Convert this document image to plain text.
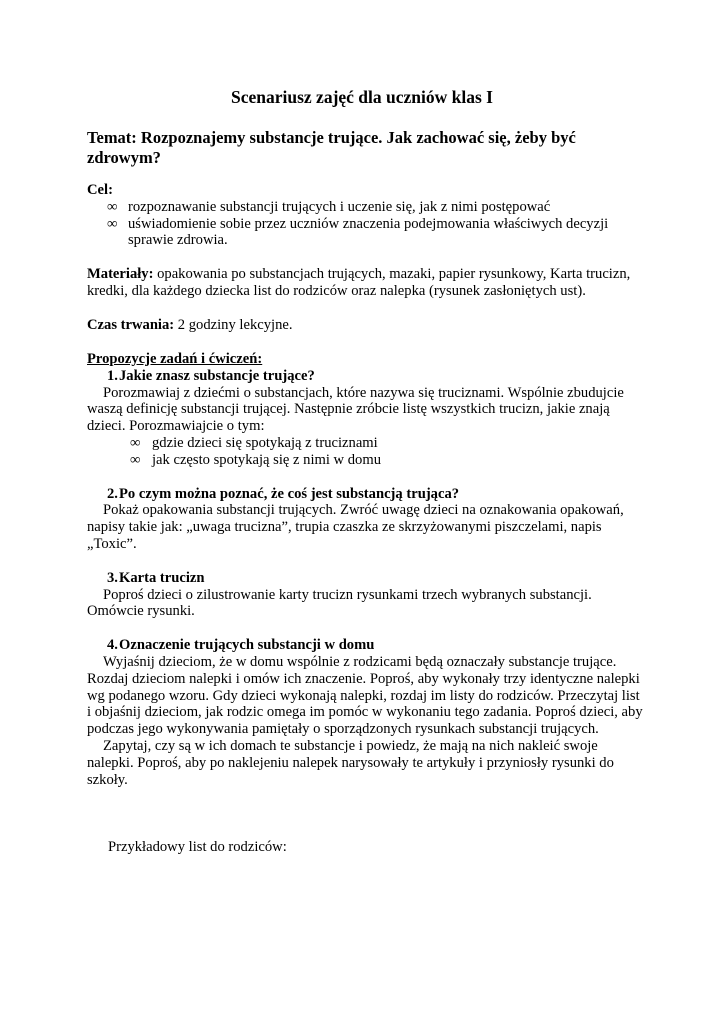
Scenariusz zajęć dla uczniów klas I
Temat: Rozpoznajemy substancje trujące. Jak zachować się, żeby być zdrowym?

Cel:

∞ rozpoznawanie substancji trujących i uczenie się, jak z nimi postępować
∞ uświadomienie sobie przez uczniów znaczenia podejmowania właściwych decyzji sprawie zdrowia.

Materiały: opakowania po substancjach trujących, mazaki, papier rysunkowy, Karta trucizn, kredki, dla każdego dziecka list do rodziców oraz nalepka (rysunek zasłoniętych ust).

Czas trwania: 2 godziny lekcyjne.

Propozycje zadań i ćwiczeń:

1. Jakie znasz substancje trujące?

Porozmawiaj z dziećmi o substancjach, które nazywa się truciznami. Wspólnie zbudujcie waszą definicję substancji trującej. Następnie zróbcie listę wszystkich trucizn, jakie znają dzieci. Porozmawiajcie o tym:

∞ gdzie dzieci się spotykają z truciznami
∞ jak często spotykają się z nimi w domu
2. Po czym można poznać, że coś jest substancją trująca?

Pokaż opakowania substancji trujących. Zwróć uwagę dzieci na oznakowania opakowań, napisy takie jak: „uwaga trucizna”, trupia czaszka ze skrzyżowanymi piszczelami, napis „Toxic”.

3. Karta trucizn

Poproś dzieci o zilustrowanie karty trucizn rysunkami trzech wybranych substancji. Omówcie rysunki.

4. Oznaczenie trujących substancji w domu

Wyjaśnij dzieciom, że w domu wspólnie z rodzicami będą oznaczały substancje trujące. Rozdaj dzieciom nalepki i omów ich znaczenie. Poproś, aby wykonały trzy identyczne nalepki wg podanego wzoru. Gdy dzieci wykonają nalepki, rozdaj im listy do rodziców. Przeczytaj list i objaśnij dzieciom, jak rodzic omega im pomóc w wykonaniu tego zadania. Poproś dzieci, aby podczas jego wykonywania pamiętały o sporządzonych rysunkach substancji trujących.

Zapytaj, czy są w ich domach te substancje i powiedz, że mają na nich nakleić swoje nalepki. Poproś, aby po naklejeniu nalepek narysowały te artykuły i przyniosły rysunki do szkoły.

Przykładowy list do rodziców:
